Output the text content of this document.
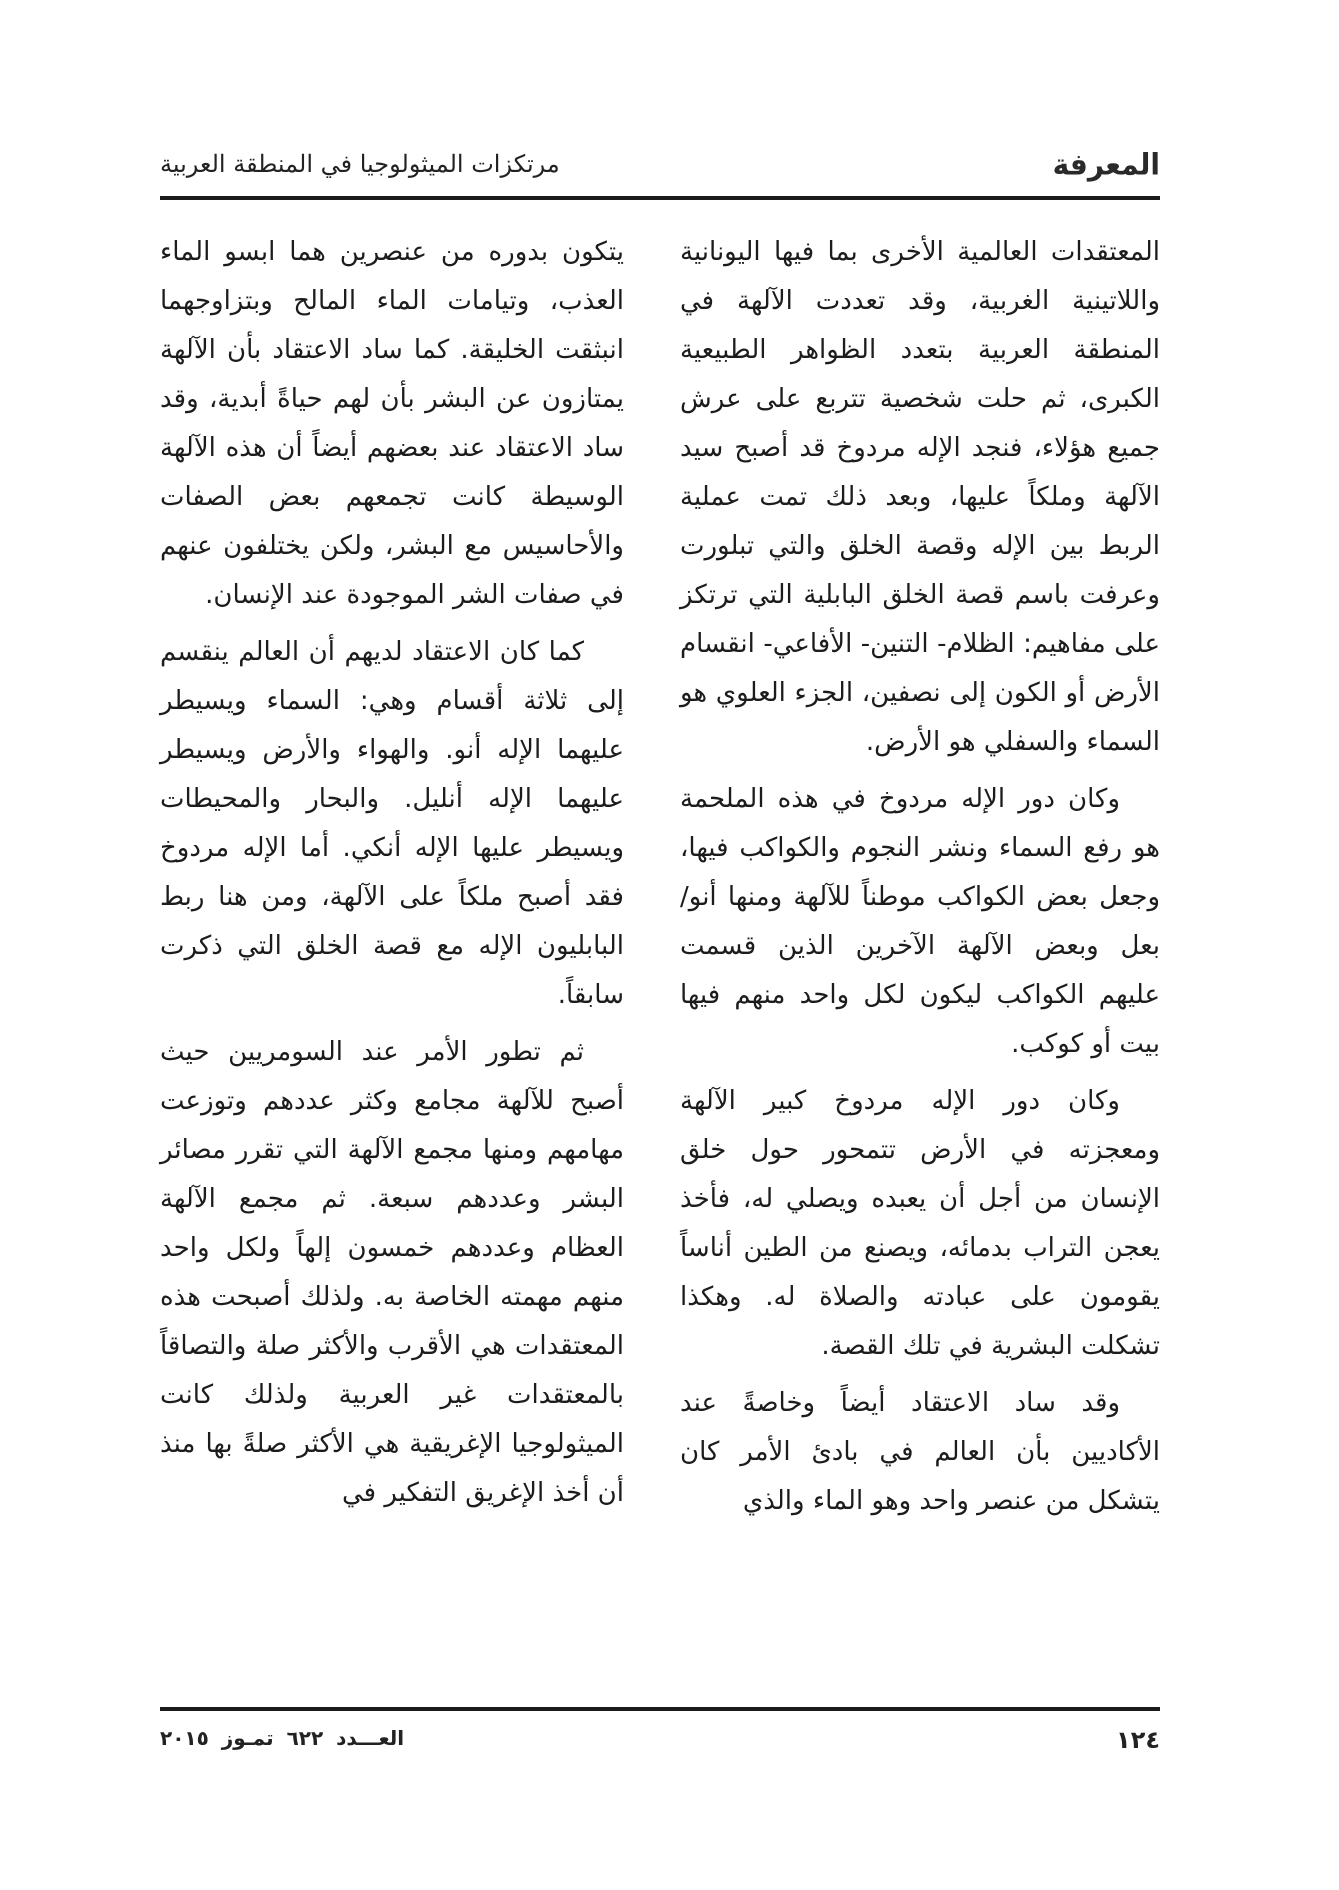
مرتكزات الميثولوجيا في المنطقة العربية	المعرفة

المعتقدات العالمية الأخرى بما فيها اليونانية واللاتينية الغربية، وقد تعددت الآلهة في المنطقة العربية بتعدد الظواهر الطبيعية الكبرى، ثم حلت شخصية تتربع على عرش جميع هؤلاء، فنجد الإله مردوخ قد أصبح سيد الآلهة وملكاً عليها، وبعد ذلك تمت عملية الربط بين الإله وقصة الخلق والتي تبلورت وعرفت باسم قصة الخلق البابلية التي ترتكز على مفاهيم: الظلام- التنين- الأفاعي- انقسام الأرض أو الكون إلى نصفين، الجزء العلوي هو السماء والسفلي هو الأرض.

وكان دور الإله مردوخ في هذه الملحمة هو رفع السماء ونشر النجوم والكواكب فيها، وجعل بعض الكواكب موطناً للآلهة ومنها أنو/بعل وبعض الآلهة الآخرين الذين قسمت عليهم الكواكب ليكون لكل واحد منهم فيها بيت أو كوكب.

وكان دور الإله مردوخ كبير الآلهة ومعجزته في الأرض تتمحور حول خلق الإنسان من أجل أن يعبده ويصلي له، فأخذ يعجن التراب بدمائه، ويصنع من الطين أناساً يقومون على عبادته والصلاة له. وهكذا تشكلت البشرية في تلك القصة.

وقد ساد الاعتقاد أيضاً وخاصةً عند الأكاديين بأن العالم في بادئ الأمر كان يتشكل من عنصر واحد وهو الماء والذي

يتكون بدوره من عنصرين هما ابسو الماء العذب، وتيامات الماء المالح وبتزاوجهما انبثقت الخليقة. كما ساد الاعتقاد بأن الآلهة يمتازون عن البشر بأن لهم حياةً أبدية، وقد ساد الاعتقاد عند بعضهم أيضاً أن هذه الآلهة الوسيطة كانت تجمعهم بعض الصفات والأحاسيس مع البشر، ولكن يختلفون عنهم في صفات الشر الموجودة عند الإنسان.

كما كان الاعتقاد لديهم أن العالم ينقسم إلى ثلاثة أقسام وهي: السماء ويسيطر عليهما الإله أنو. والهواء والأرض ويسيطر عليهما الإله أنليل. والبحار والمحيطات ويسيطر عليها الإله أنكي. أما الإله مردوخ فقد أصبح ملكاً على الآلهة، ومن هنا ربط البابليون الإله مع قصة الخلق التي ذكرت سابقاً.

ثم تطور الأمر عند السومريين حيث أصبح للآلهة مجامع وكثر عددهم وتوزعت مهامهم ومنها مجمع الآلهة التي تقرر مصائر البشر وعددهم سبعة. ثم مجمع الآلهة العظام وعددهم خمسون إلهاً ولكل واحد منهم مهمته الخاصة به. ولذلك أصبحت هذه المعتقدات هي الأقرب والأكثر صلة والتصاقاً بالمعتقدات غير العربية ولذلك كانت الميثولوجيا الإغريقية هي الأكثر صلةً بها منذ أن أخذ الإغريق التفكير في

١٢٤
العـــدد ٦٢٢ تمـوز ٢٠١٥
